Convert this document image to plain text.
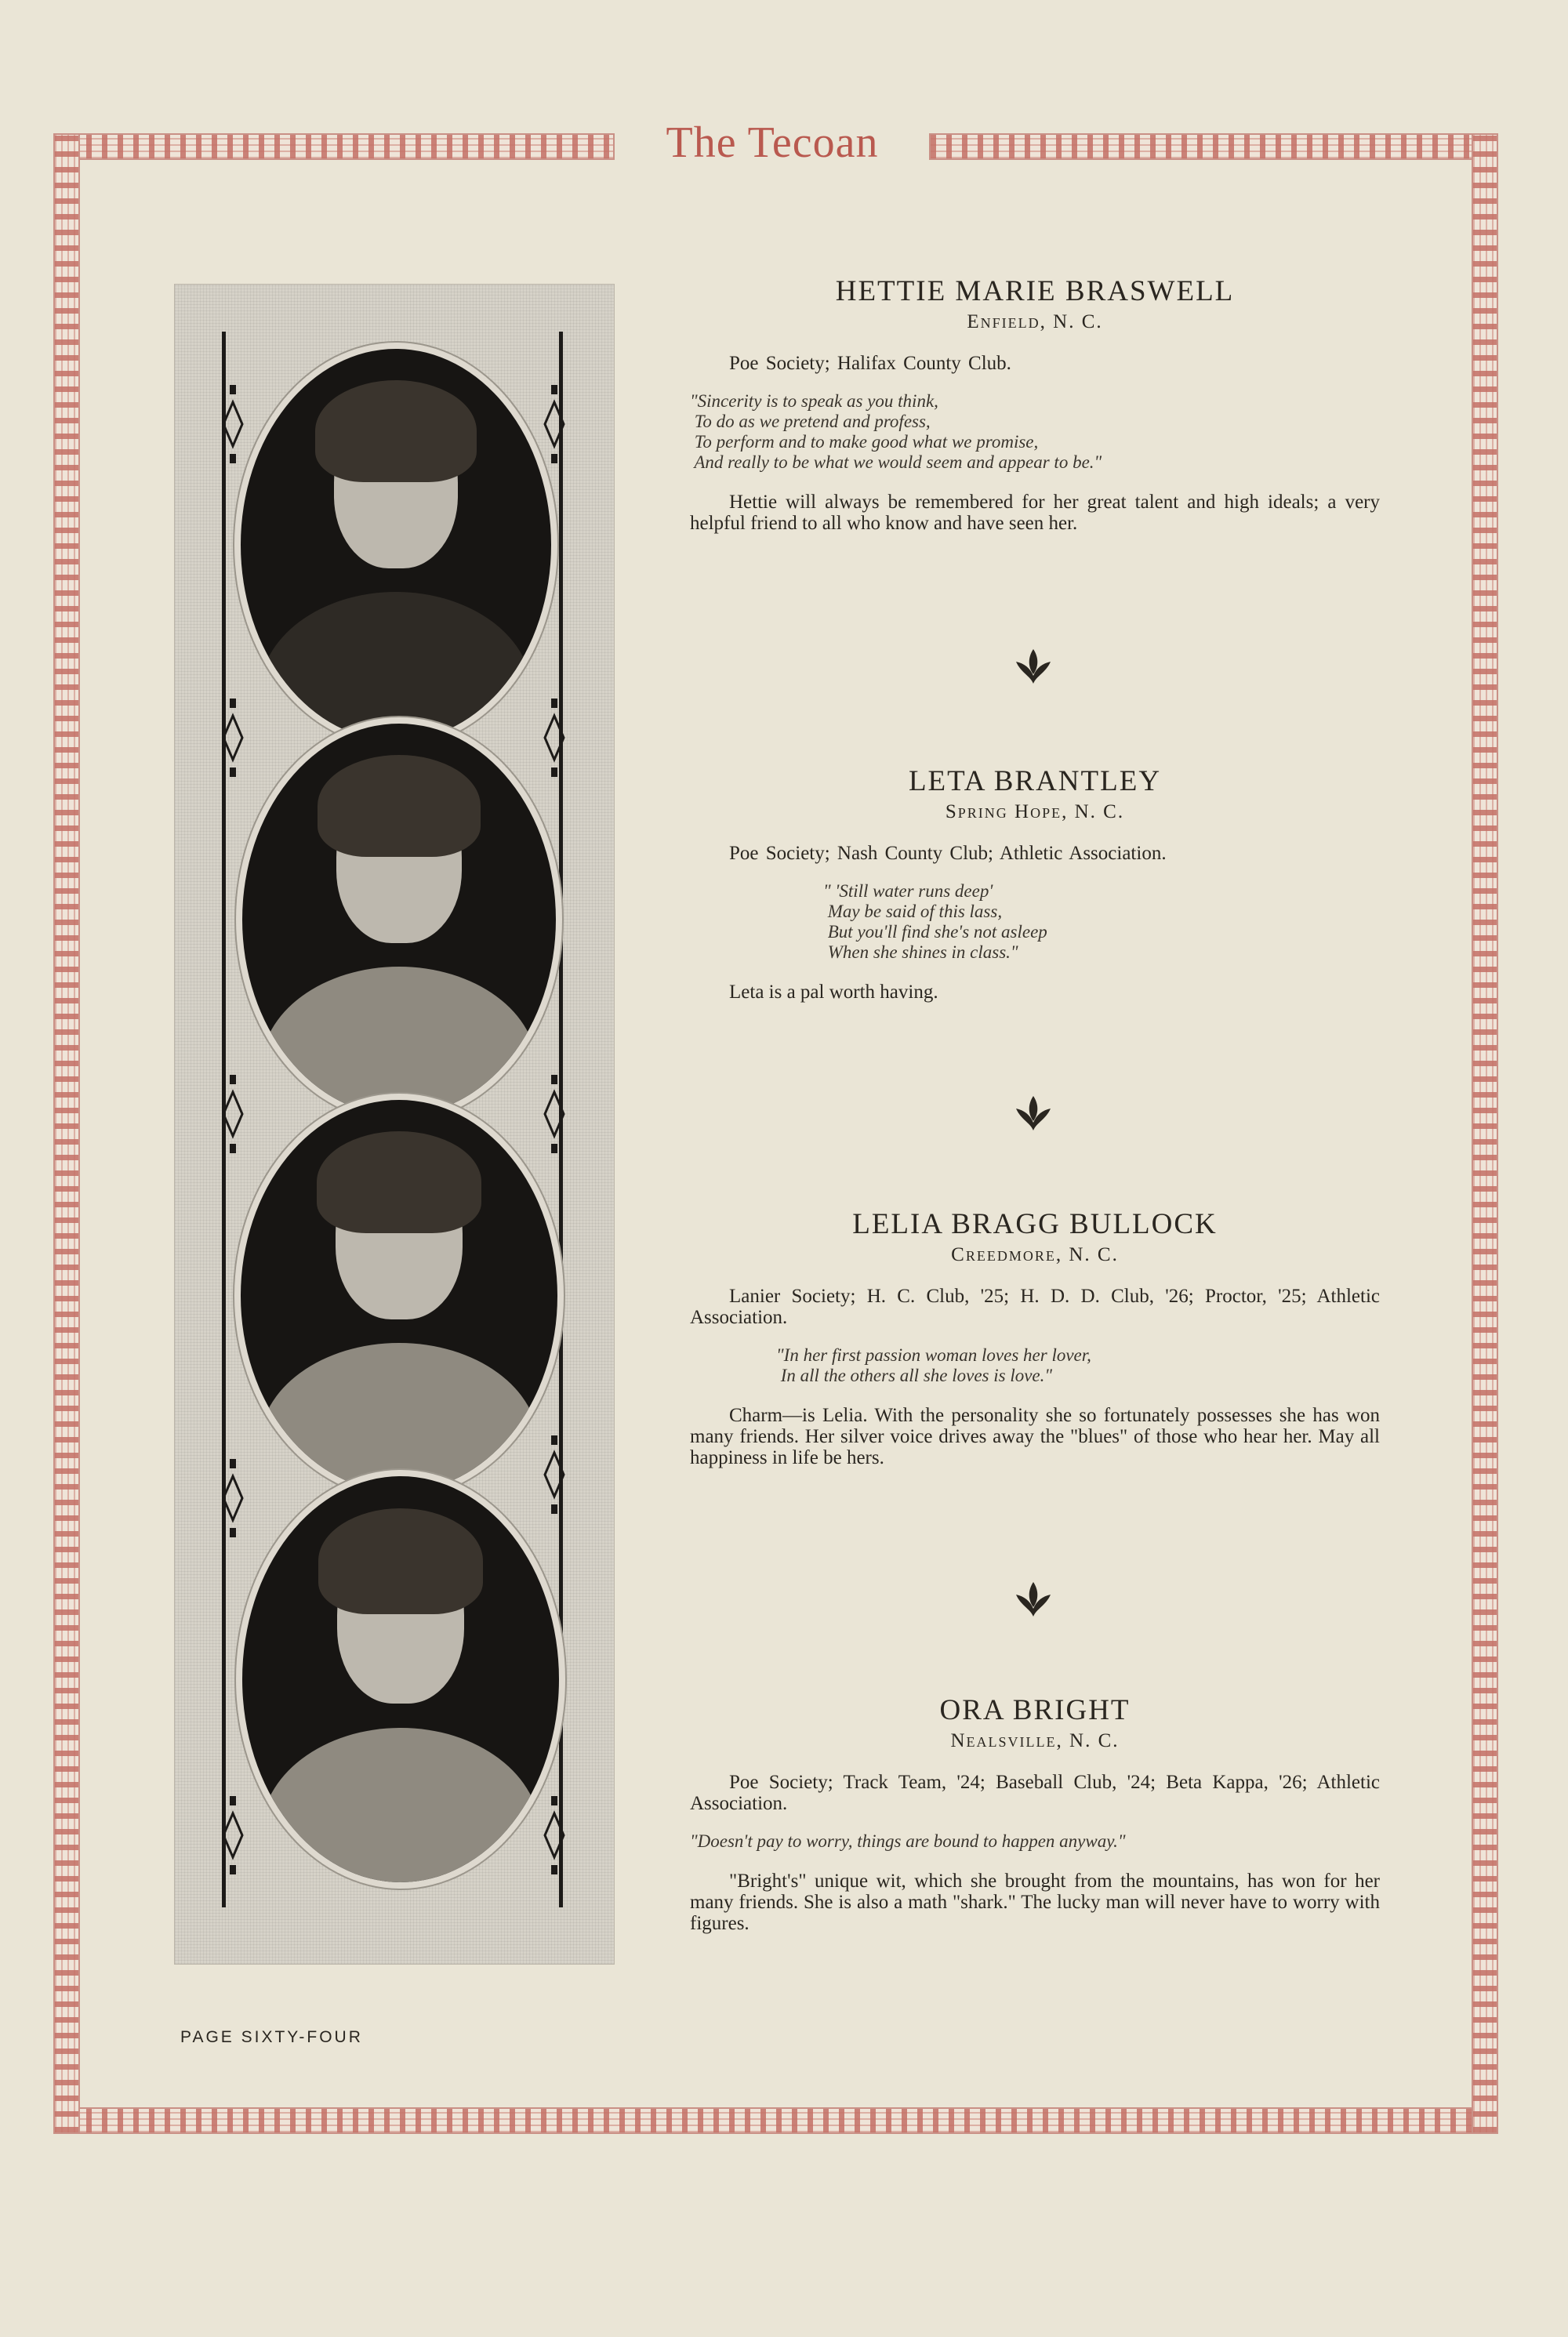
The Tecoan
HETTIE MARIE BRASWELL
Enfield, N. C.
Poe Society; Halifax County Club.
"Sincerity is to speak as you think,
To do as we pretend and profess,
To perform and to make good what we promise,
And really to be what we would seem and appear to be."
Hettie will always be remembered for her great talent and high ideals; a very helpful friend to all who know and have seen her.
LETA BRANTLEY
Spring Hope, N. C.
Poe Society; Nash County Club; Athletic Association.
" 'Still water runs deep'
May be said of this lass,
But you'll find she's not asleep
When she shines in class."
Leta is a pal worth having.
LELIA BRAGG BULLOCK
Creedmore, N. C.
Lanier Society; H. C. Club, '25; H. D. D. Club, '26; Proctor, '25; Athletic Association.
"In her first passion woman loves her lover,
In all the others all she loves is love."
Charm—is Lelia. With the personality she so fortunately possesses she has won many friends. Her silver voice drives away the "blues" of those who hear her. May all happiness in life be hers.
ORA BRIGHT
Nealsville, N. C.
Poe Society; Track Team, '24; Baseball Club, '24; Beta Kappa, '26; Athletic Association.
"Doesn't pay to worry, things are bound to happen anyway."
"Bright's" unique wit, which she brought from the mountains, has won for her many friends. She is also a math "shark." The lucky man will never have to worry with figures.
PAGE SIXTY-FOUR
